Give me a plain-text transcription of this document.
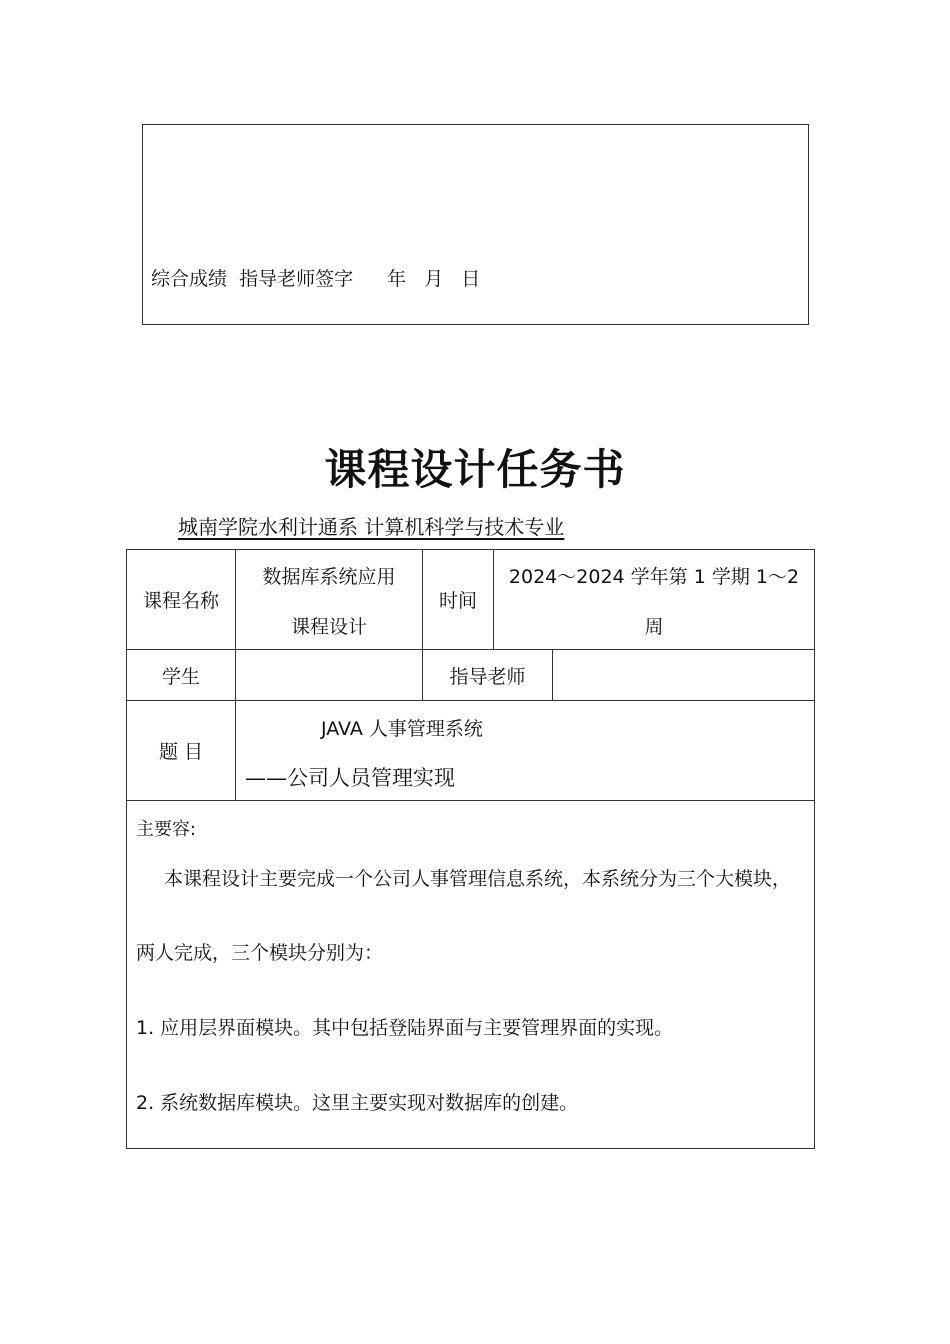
综合成绩 指导老师签字 年 月 日
课程设计任务书
城南学院水利计通系 计算机科学与技术专业
课程名称
数据库系统应用
课程设计
时间
2024～2024 学年第 1 学期 1～2
周
学生	指导老师
题 目
JAVA 人事管理系统
——公司人员管理实现
主要容:
本课程设计主要完成一个公司人事管理信息系统，本系统分为三个大模块，
两人完成，三个模块分别为：
1. 应用层界面模块。其中包括登陆界面与主要管理界面的实现。
2. 系统数据库模块。这里主要实现对数据库的创建。
